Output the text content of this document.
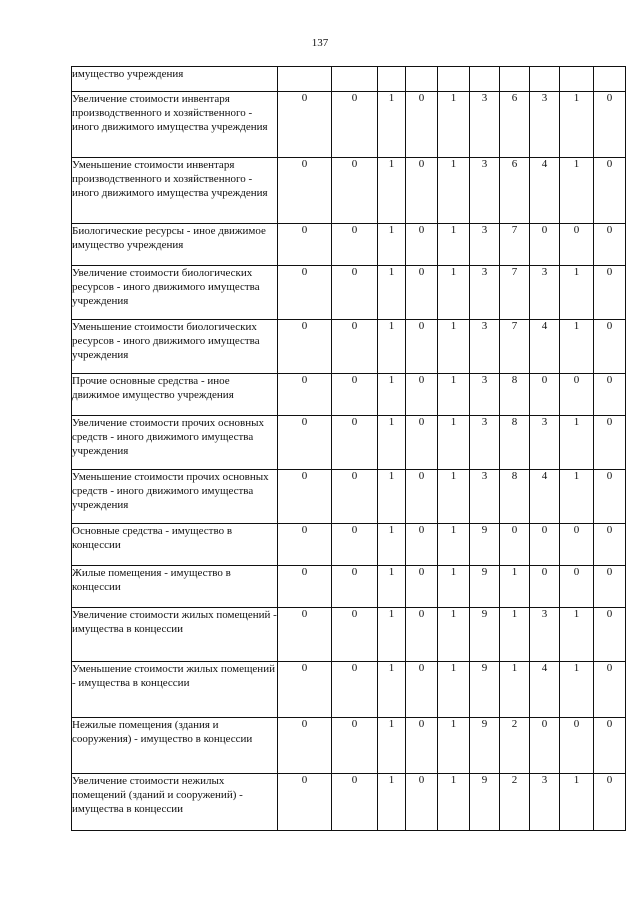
137
имущество учреждения										
Увеличение стоимости инвентаря производственного и хозяйственного - иного движимого имущества учреждения	0	0	1	0	1	3	6	3	1	0
Уменьшение стоимости инвентаря производственного и хозяйственного - иного движимого имущества учреждения	0	0	1	0	1	3	6	4	1	0
Биологические ресурсы - иное движимое имущество учреждения	0	0	1	0	1	3	7	0	0	0
Увеличение стоимости биологических ресурсов - иного движимого имущества учреждения	0	0	1	0	1	3	7	3	1	0
Уменьшение стоимости биологических ресурсов - иного движимого имущества учреждения	0	0	1	0	1	3	7	4	1	0
Прочие основные средства - иное движимое имущество учреждения	0	0	1	0	1	3	8	0	0	0
Увеличение стоимости прочих основных средств - иного движимого имущества учреждения	0	0	1	0	1	3	8	3	1	0
Уменьшение стоимости прочих основных средств - иного движимого имущества учреждения	0	0	1	0	1	3	8	4	1	0
Основные средства - имущество в концессии	0	0	1	0	1	9	0	0	0	0
Жилые помещения - имущество в концессии	0	0	1	0	1	9	1	0	0	0
Увеличение стоимости жилых помещений - имущества в концессии	0	0	1	0	1	9	1	3	1	0
Уменьшение стоимости жилых помещений - имущества в концессии	0	0	1	0	1	9	1	4	1	0
Нежилые помещения (здания и сооружения) - имущество в концессии	0	0	1	0	1	9	2	0	0	0
Увеличение стоимости нежилых помещений (зданий и сооружений) - имущества в концессии	0	0	1	0	1	9	2	3	1	0
